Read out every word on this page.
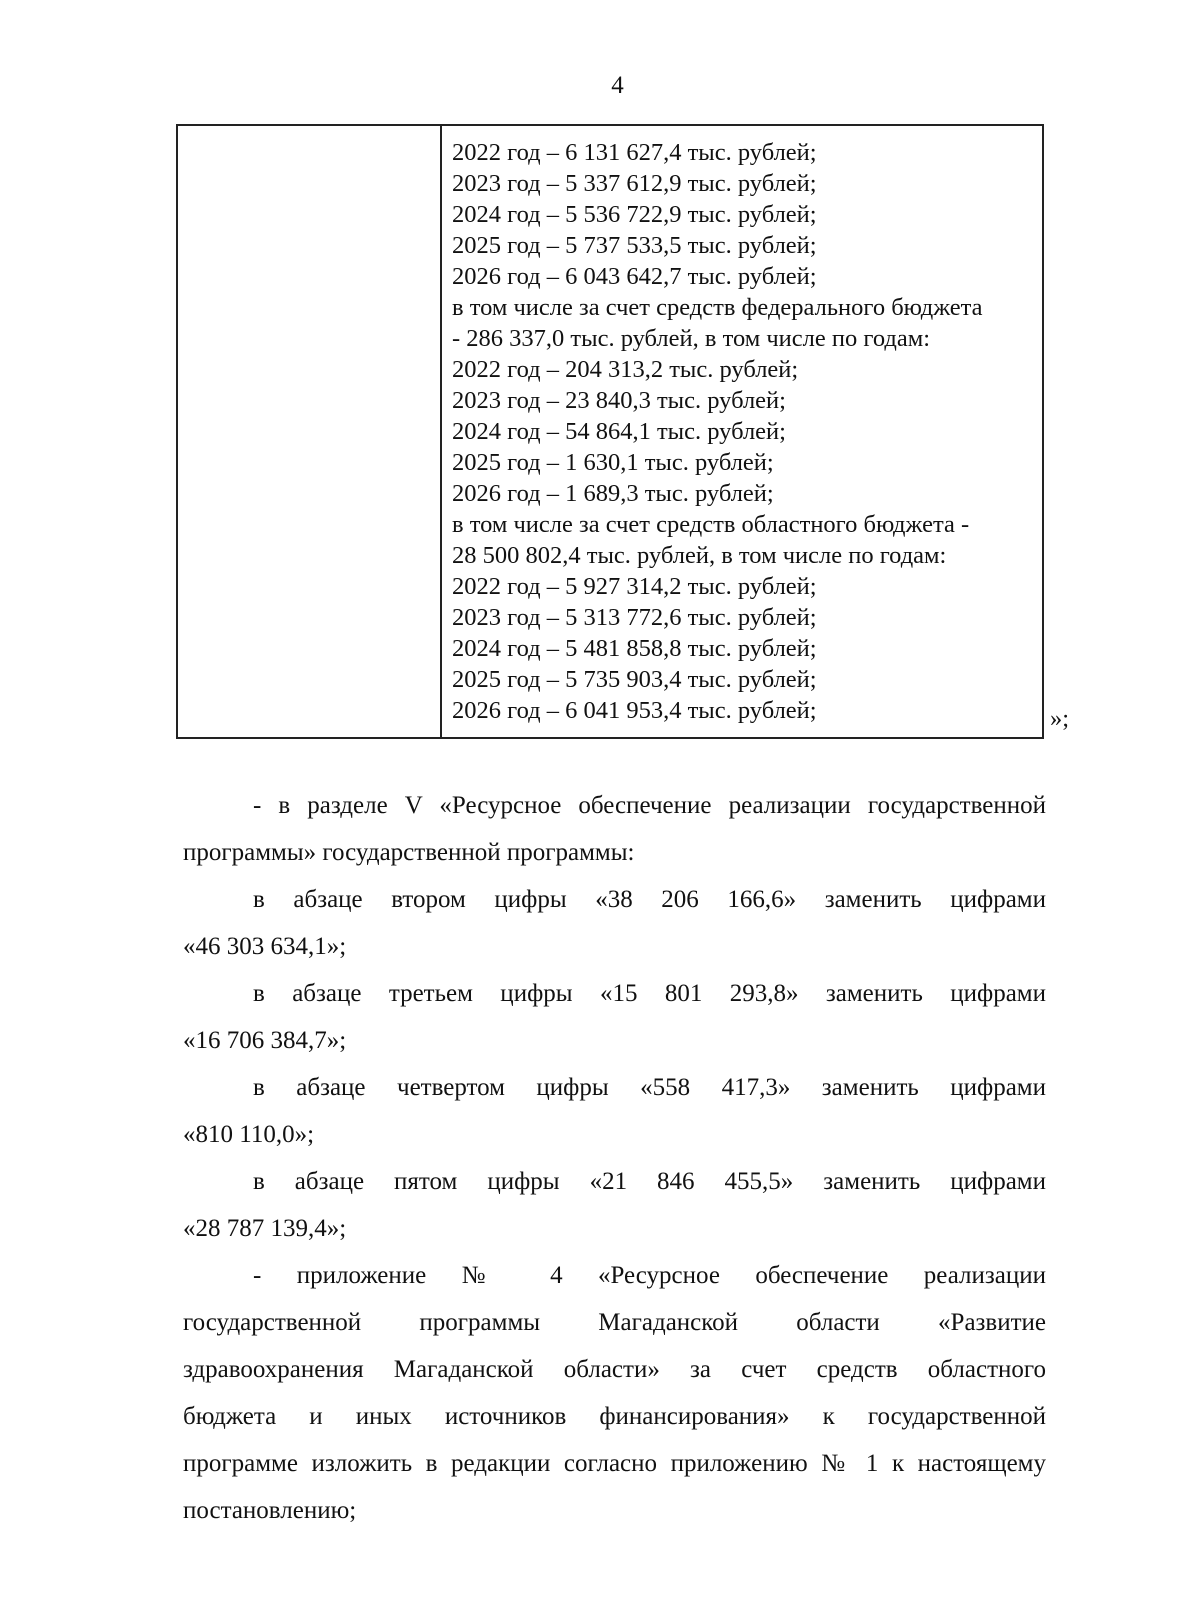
4
2022 год – 6 131 627,4 тыс. рублей;
2023 год – 5 337 612,9 тыс. рублей;
2024 год – 5 536 722,9 тыс. рублей;
2025 год – 5 737 533,5 тыс. рублей;
2026 год – 6 043 642,7 тыс. рублей;
в том числе за счет средств федерального бюджета
- 286 337,0 тыс. рублей, в том числе по годам:
2022 год – 204 313,2 тыс. рублей;
2023 год – 23 840,3 тыс. рублей;
2024 год – 54 864,1 тыс. рублей;
2025 год – 1 630,1 тыс. рублей;
2026 год – 1 689,3 тыс. рублей;
в том числе за счет средств областного бюджета -
28 500 802,4 тыс. рублей, в том числе по годам:
2022 год – 5 927 314,2 тыс. рублей;
2023 год – 5 313 772,6 тыс. рублей;
2024 год – 5 481 858,8 тыс. рублей;
2025 год – 5 735 903,4 тыс. рублей;
2026 год – 6 041 953,4 тыс. рублей;	»;
- в разделе V «Ресурсное обеспечение реализации государственной
программы» государственной программы:
в абзаце втором цифры «38 206 166,6» заменить цифрами
«46 303 634,1»;
в абзаце третьем цифры «15 801 293,8» заменить цифрами
«16 706 384,7»;
в абзаце четвертом цифры «558 417,3» заменить цифрами
«810 110,0»;
в абзаце пятом цифры «21 846 455,5» заменить цифрами
«28 787 139,4»;
- приложение № 4 «Ресурсное обеспечение реализации
государственной программы Магаданской области «Развитие
здравоохранения Магаданской области» за счет средств областного
бюджета и иных источников финансирования» к государственной
программе изложить в редакции согласно приложению № 1 к настоящему
постановлению;
